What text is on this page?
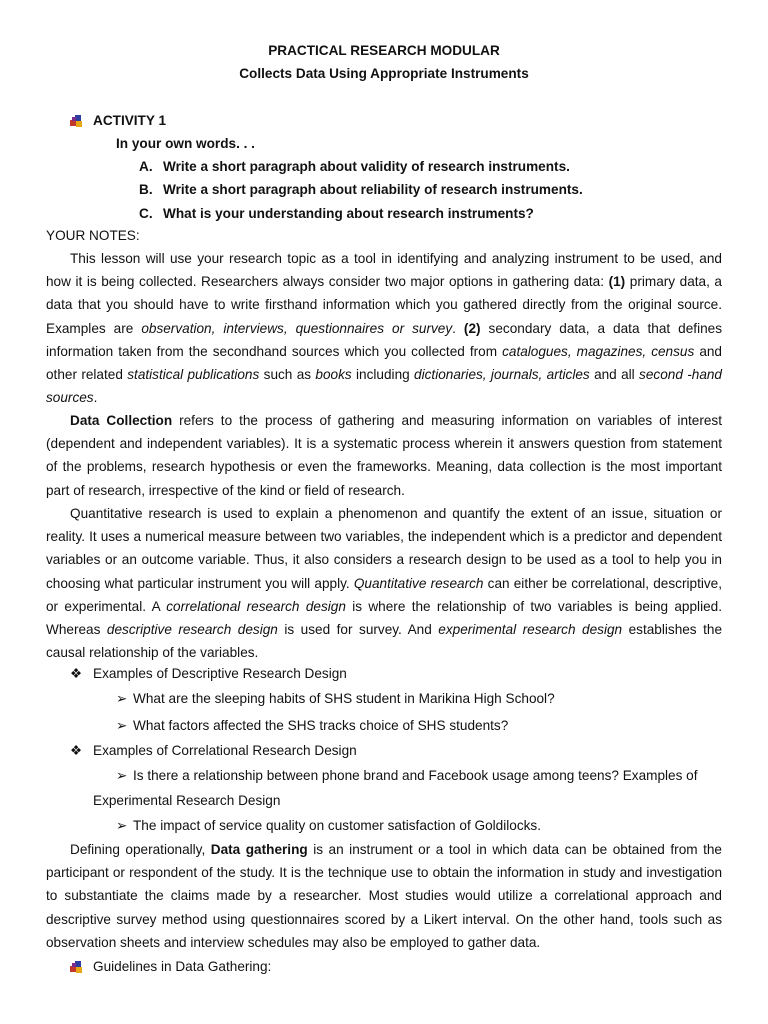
PRACTICAL RESEARCH MODULAR
Collects Data Using Appropriate Instruments
ACTIVITY 1
In your own words. . .
A. Write a short paragraph about validity of research instruments.
B. Write a short paragraph about reliability of research instruments.
C. What is your understanding about research instruments?
YOUR NOTES:

This lesson will use your research topic as a tool in identifying and analyzing instrument to be used, and how it is being collected. Researchers always consider two major options in gathering data: (1) primary data, a data that you should have to write firsthand information which you gathered directly from the original source. Examples are observation, interviews, questionnaires or survey. (2) secondary data, a data that defines information taken from the secondhand sources which you collected from catalogues, magazines, census and other related statistical publications such as books including dictionaries, journals, articles and all second -hand sources.

Data Collection refers to the process of gathering and measuring information on variables of interest (dependent and independent variables). It is a systematic process wherein it answers question from statement of the problems, research hypothesis or even the frameworks. Meaning, data collection is the most important part of research, irrespective of the kind or field of research.

Quantitative research is used to explain a phenomenon and quantify the extent of an issue, situation or reality. It uses a numerical measure between two variables, the independent which is a predictor and dependent variables or an outcome variable. Thus, it also considers a research design to be used as a tool to help you in choosing what particular instrument you will apply. Quantitative research can either be correlational, descriptive, or experimental. A correlational research design is where the relationship of two variables is being applied. Whereas descriptive research design is used for survey. And experimental research design establishes the causal relationship of the variables.

❖ Examples of Descriptive Research Design
➢ What are the sleeping habits of SHS student in Marikina High School?
➢ What factors affected the SHS tracks choice of SHS students?
❖ Examples of Correlational Research Design
➢ Is there a relationship between phone brand and Facebook usage among teens? Examples of
Experimental Research Design
➢ The impact of service quality on customer satisfaction of Goldilocks.

Defining operationally, Data gathering is an instrument or a tool in which data can be obtained from the participant or respondent of the study. It is the technique use to obtain the information in study and investigation to substantiate the claims made by a researcher. Most studies would utilize a correlational approach and descriptive survey method using questionnaires scored by a Likert interval. On the other hand, tools such as observation sheets and interview schedules may also be employed to gather data.

Guidelines in Data Gathering:
